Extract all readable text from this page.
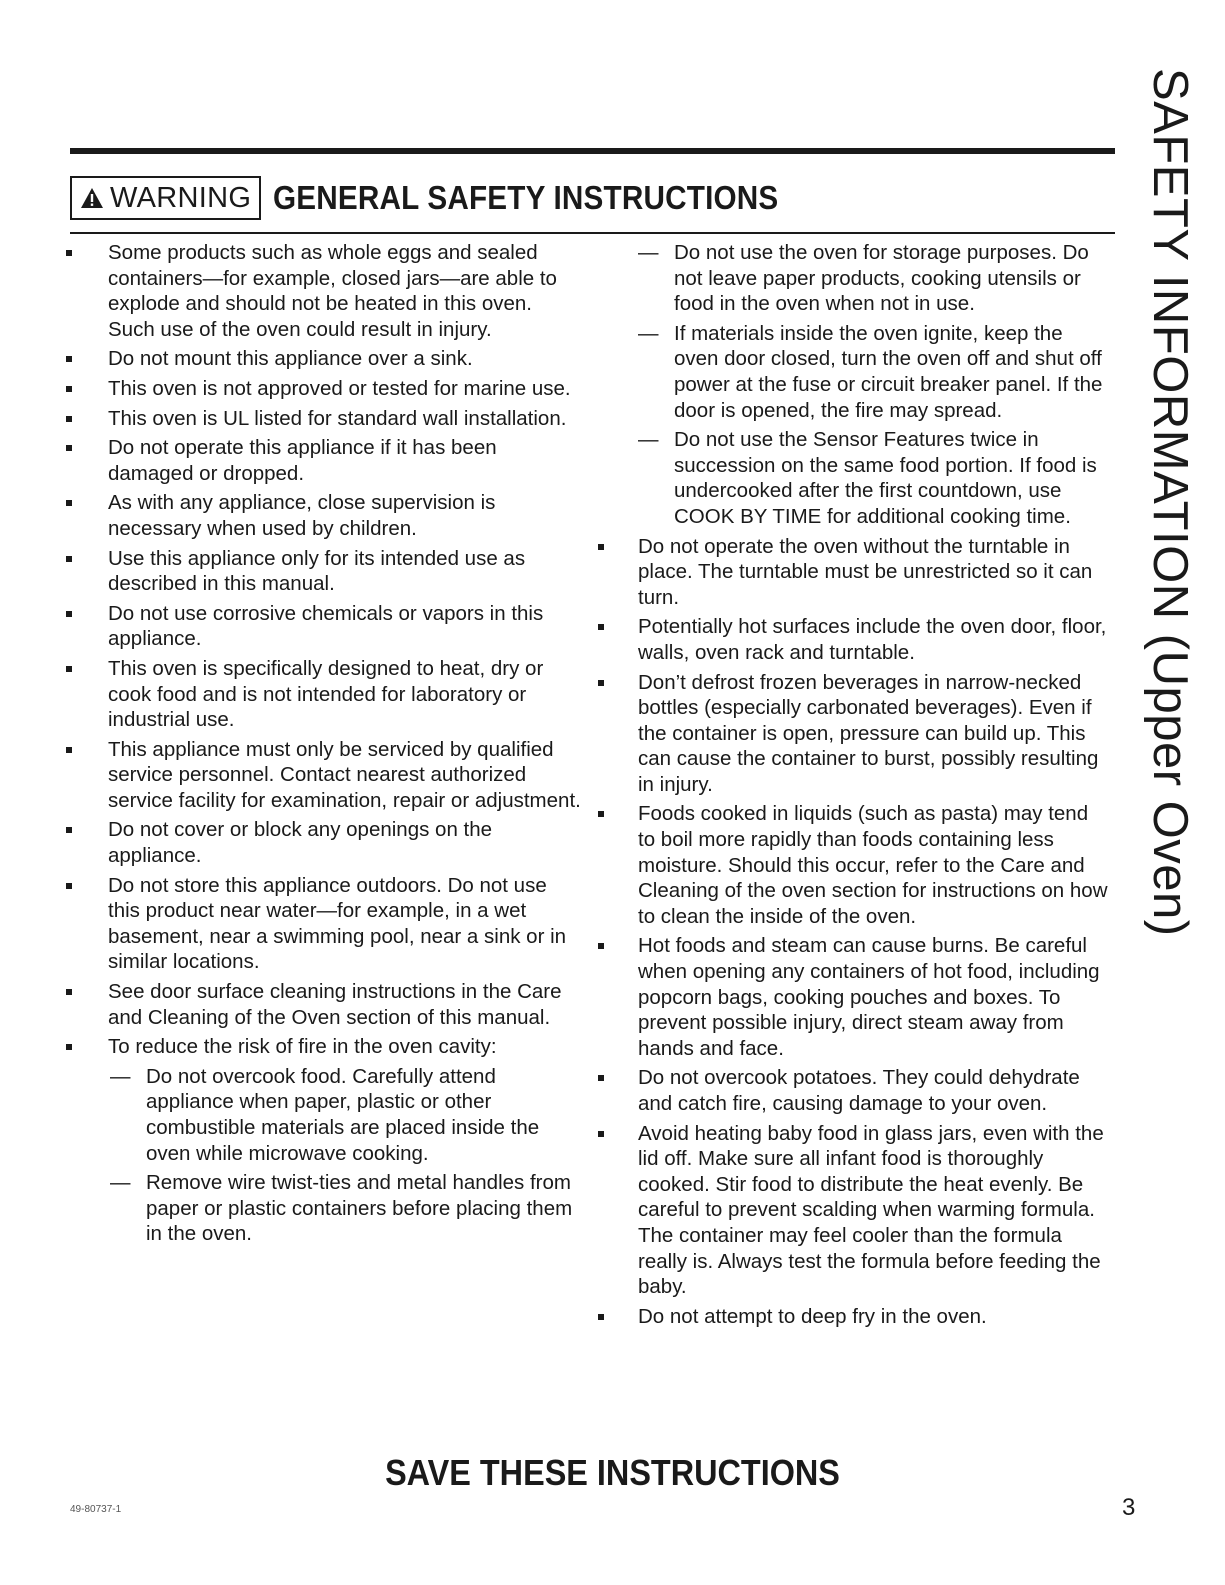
WARNING GENERAL SAFETY INSTRUCTIONS
Some products such as whole eggs and sealed containers—for example, closed jars—are able to explode and should not be heated in this oven. Such use of the oven could result in injury.
Do not mount this appliance over a sink.
This oven is not approved or tested for marine use.
This oven is UL listed for standard wall installation.
Do not operate this appliance if it has been damaged or dropped.
As with any appliance, close supervision is necessary when used by children.
Use this appliance only for its intended use as described in this manual.
Do not use corrosive chemicals or vapors in this appliance.
This oven is specifically designed to heat, dry or cook food and is not intended for laboratory or industrial use.
This appliance must only be serviced by qualified service personnel. Contact nearest authorized service facility for examination, repair or adjustment.
Do not cover or block any openings on the appliance.
Do not store this appliance outdoors. Do not use this product near water—for example, in a wet basement, near a swimming pool, near a sink or in similar locations.
See door surface cleaning instructions in the Care and Cleaning of the Oven section of this manual.
To reduce the risk of fire in the oven cavity:
— Do not overcook food. Carefully attend appliance when paper, plastic or other combustible materials are placed inside the oven while microwave cooking.
— Remove wire twist-ties and metal handles from paper or plastic containers before placing them in the oven.
— Do not use the oven for storage purposes. Do not leave paper products, cooking utensils or food in the oven when not in use.
— If materials inside the oven ignite, keep the oven door closed, turn the oven off and shut off power at the fuse or circuit breaker panel. If the door is opened, the fire may spread.
— Do not use the Sensor Features twice in succession on the same food portion. If food is undercooked after the first countdown, use COOK BY TIME for additional cooking time.
Do not operate the oven without the turntable in place. The turntable must be unrestricted so it can turn.
Potentially hot surfaces include the oven door, floor, walls, oven rack and turntable.
Don’t defrost frozen beverages in narrow-necked bottles (especially carbonated beverages). Even if the container is open, pressure can build up. This can cause the container to burst, possibly resulting in injury.
Foods cooked in liquids (such as pasta) may tend to boil more rapidly than foods containing less moisture. Should this occur, refer to the Care and Cleaning of the oven section for instructions on how to clean the inside of the oven.
Hot foods and steam can cause burns. Be careful when opening any containers of hot food, including popcorn bags, cooking pouches and boxes. To prevent possible injury, direct steam away from hands and face.
Do not overcook potatoes. They could dehydrate and catch fire, causing damage to your oven.
Avoid heating baby food in glass jars, even with the lid off. Make sure all infant food is thoroughly cooked. Stir food to distribute the heat evenly. Be careful to prevent scalding when warming formula. The container may feel cooler than the formula really is. Always test the formula before feeding the baby.
Do not attempt to deep fry in the oven.
SAFETY INFORMATION (Upper Oven)
SAVE THESE INSTRUCTIONS
49-80737-1	3
